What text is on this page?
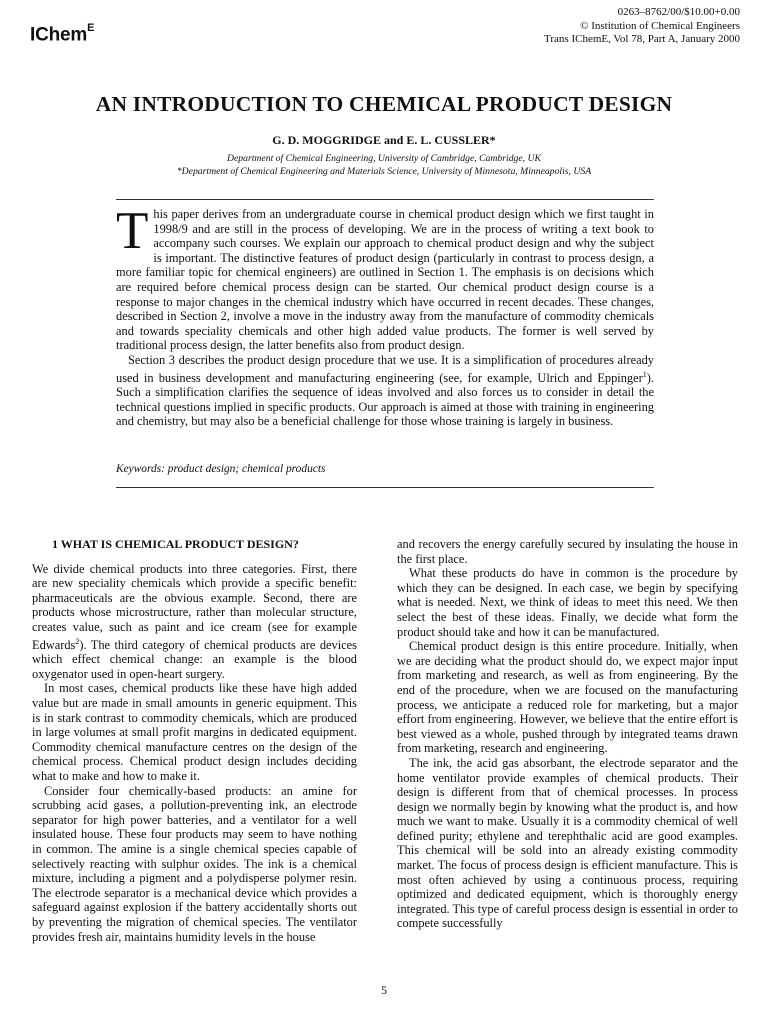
IChem$^E$
0263–8762/00/$10.00+0.00
© Institution of Chemical Engineers
Trans IChemE, Vol 78, Part A, January 2000
AN INTRODUCTION TO CHEMICAL PRODUCT DESIGN
G. D. MOGGRIDGE and E. L. CUSSLER*
Department of Chemical Engineering, University of Cambridge, Cambridge, UK
*Department of Chemical Engineering and Materials Science, University of Minnesota, Minneapolis, USA

This paper derives from an undergraduate course in chemical product design which we first taught in 1998/9 and are still in the process of developing. We are in the process of writing a text book to accompany such courses. We explain our approach to chemical product design and why the subject is important. The distinctive features of product design (particularly in contrast to process design, a more familiar topic for chemical engineers) are outlined in Section 1. The emphasis is on decisions which are required before chemical process design can be started. Our chemical product design course is a response to major changes in the chemical industry which have occurred in recent decades. These changes, described in Section 2, involve a move in the industry away from the manufacture of commodity chemicals and towards speciality chemicals and other high added value products. The former is well served by traditional process design, the latter benefits also from product design.

Section 3 describes the product design procedure that we use. It is a simplification of procedures already used in business development and manufacturing engineering (see, for example, Ulrich and Eppinger$^1$). Such a simplification clarifies the sequence of ideas involved and also forces us to consider in detail the technical questions implied in specific products. Our approach is aimed at those with training in engineering and chemistry, but may also be a beneficial challenge for those whose training is largely in business.

Keywords: product design; chemical products
1 WHAT IS CHEMICAL PRODUCT DESIGN?

We divide chemical products into three categories. First, there are new speciality chemicals which provide a specific benefit: pharmaceuticals are the obvious example. Second, there are products whose microstructure, rather than molecular structure, creates value, such as paint and ice cream (see for example Edwards$^2$). The third category of chemical products are devices which effect chemical change: an example is the blood oxygenator used in open-heart surgery.

In most cases, chemical products like these have high added value but are made in small amounts in generic equipment. This is in stark contrast to commodity chemicals, which are produced in large volumes at small profit margins in dedicated equipment. Commodity chemical manufacture centres on the design of the chemical process. Chemical product design includes deciding what to make and how to make it.

Consider four chemically-based products: an amine for scrubbing acid gases, a pollution-preventing ink, an electrode separator for high power batteries, and a ventilator for a well insulated house. These four products may seem to have nothing in common. The amine is a single chemical species capable of selectively reacting with sulphur oxides. The ink is a chemical mixture, including a pigment and a polydisperse polymer resin. The electrode separator is a mechanical device which provides a safeguard against explosion if the battery accidentally shorts out by preventing the migration of chemical species. The ventilator provides fresh air, maintains humidity levels in the house

and recovers the energy carefully secured by insulating the house in the first place.

What these products do have in common is the procedure by which they can be designed. In each case, we begin by specifying what is needed. Next, we think of ideas to meet this need. We then select the best of these ideas. Finally, we decide what form the product should take and how it can be manufactured.

Chemical product design is this entire procedure. Initially, when we are deciding what the product should do, we expect major input from marketing and research, as well as from engineering. By the end of the procedure, when we are focused on the manufacturing process, we anticipate a reduced role for marketing, but a major effort from engineering. However, we believe that the entire effort is best viewed as a whole, pushed through by integrated teams drawn from marketing, research and engineering.

The ink, the acid gas absorbant, the electrode separator and the home ventilator provide examples of chemical products. Their design is different from that of chemical processes. In process design we normally begin by knowing what the product is, and how much we want to make. Usually it is a commodity chemical of well defined purity; ethylene and terephthalic acid are good examples. This chemical will be sold into an already existing commodity market. The focus of process design is efficient manufacture. This is most often achieved by using a continuous process, requiring optimized and dedicated equipment, which is thoroughly energy integrated. This type of careful process design is essential in order to compete successfully

5
